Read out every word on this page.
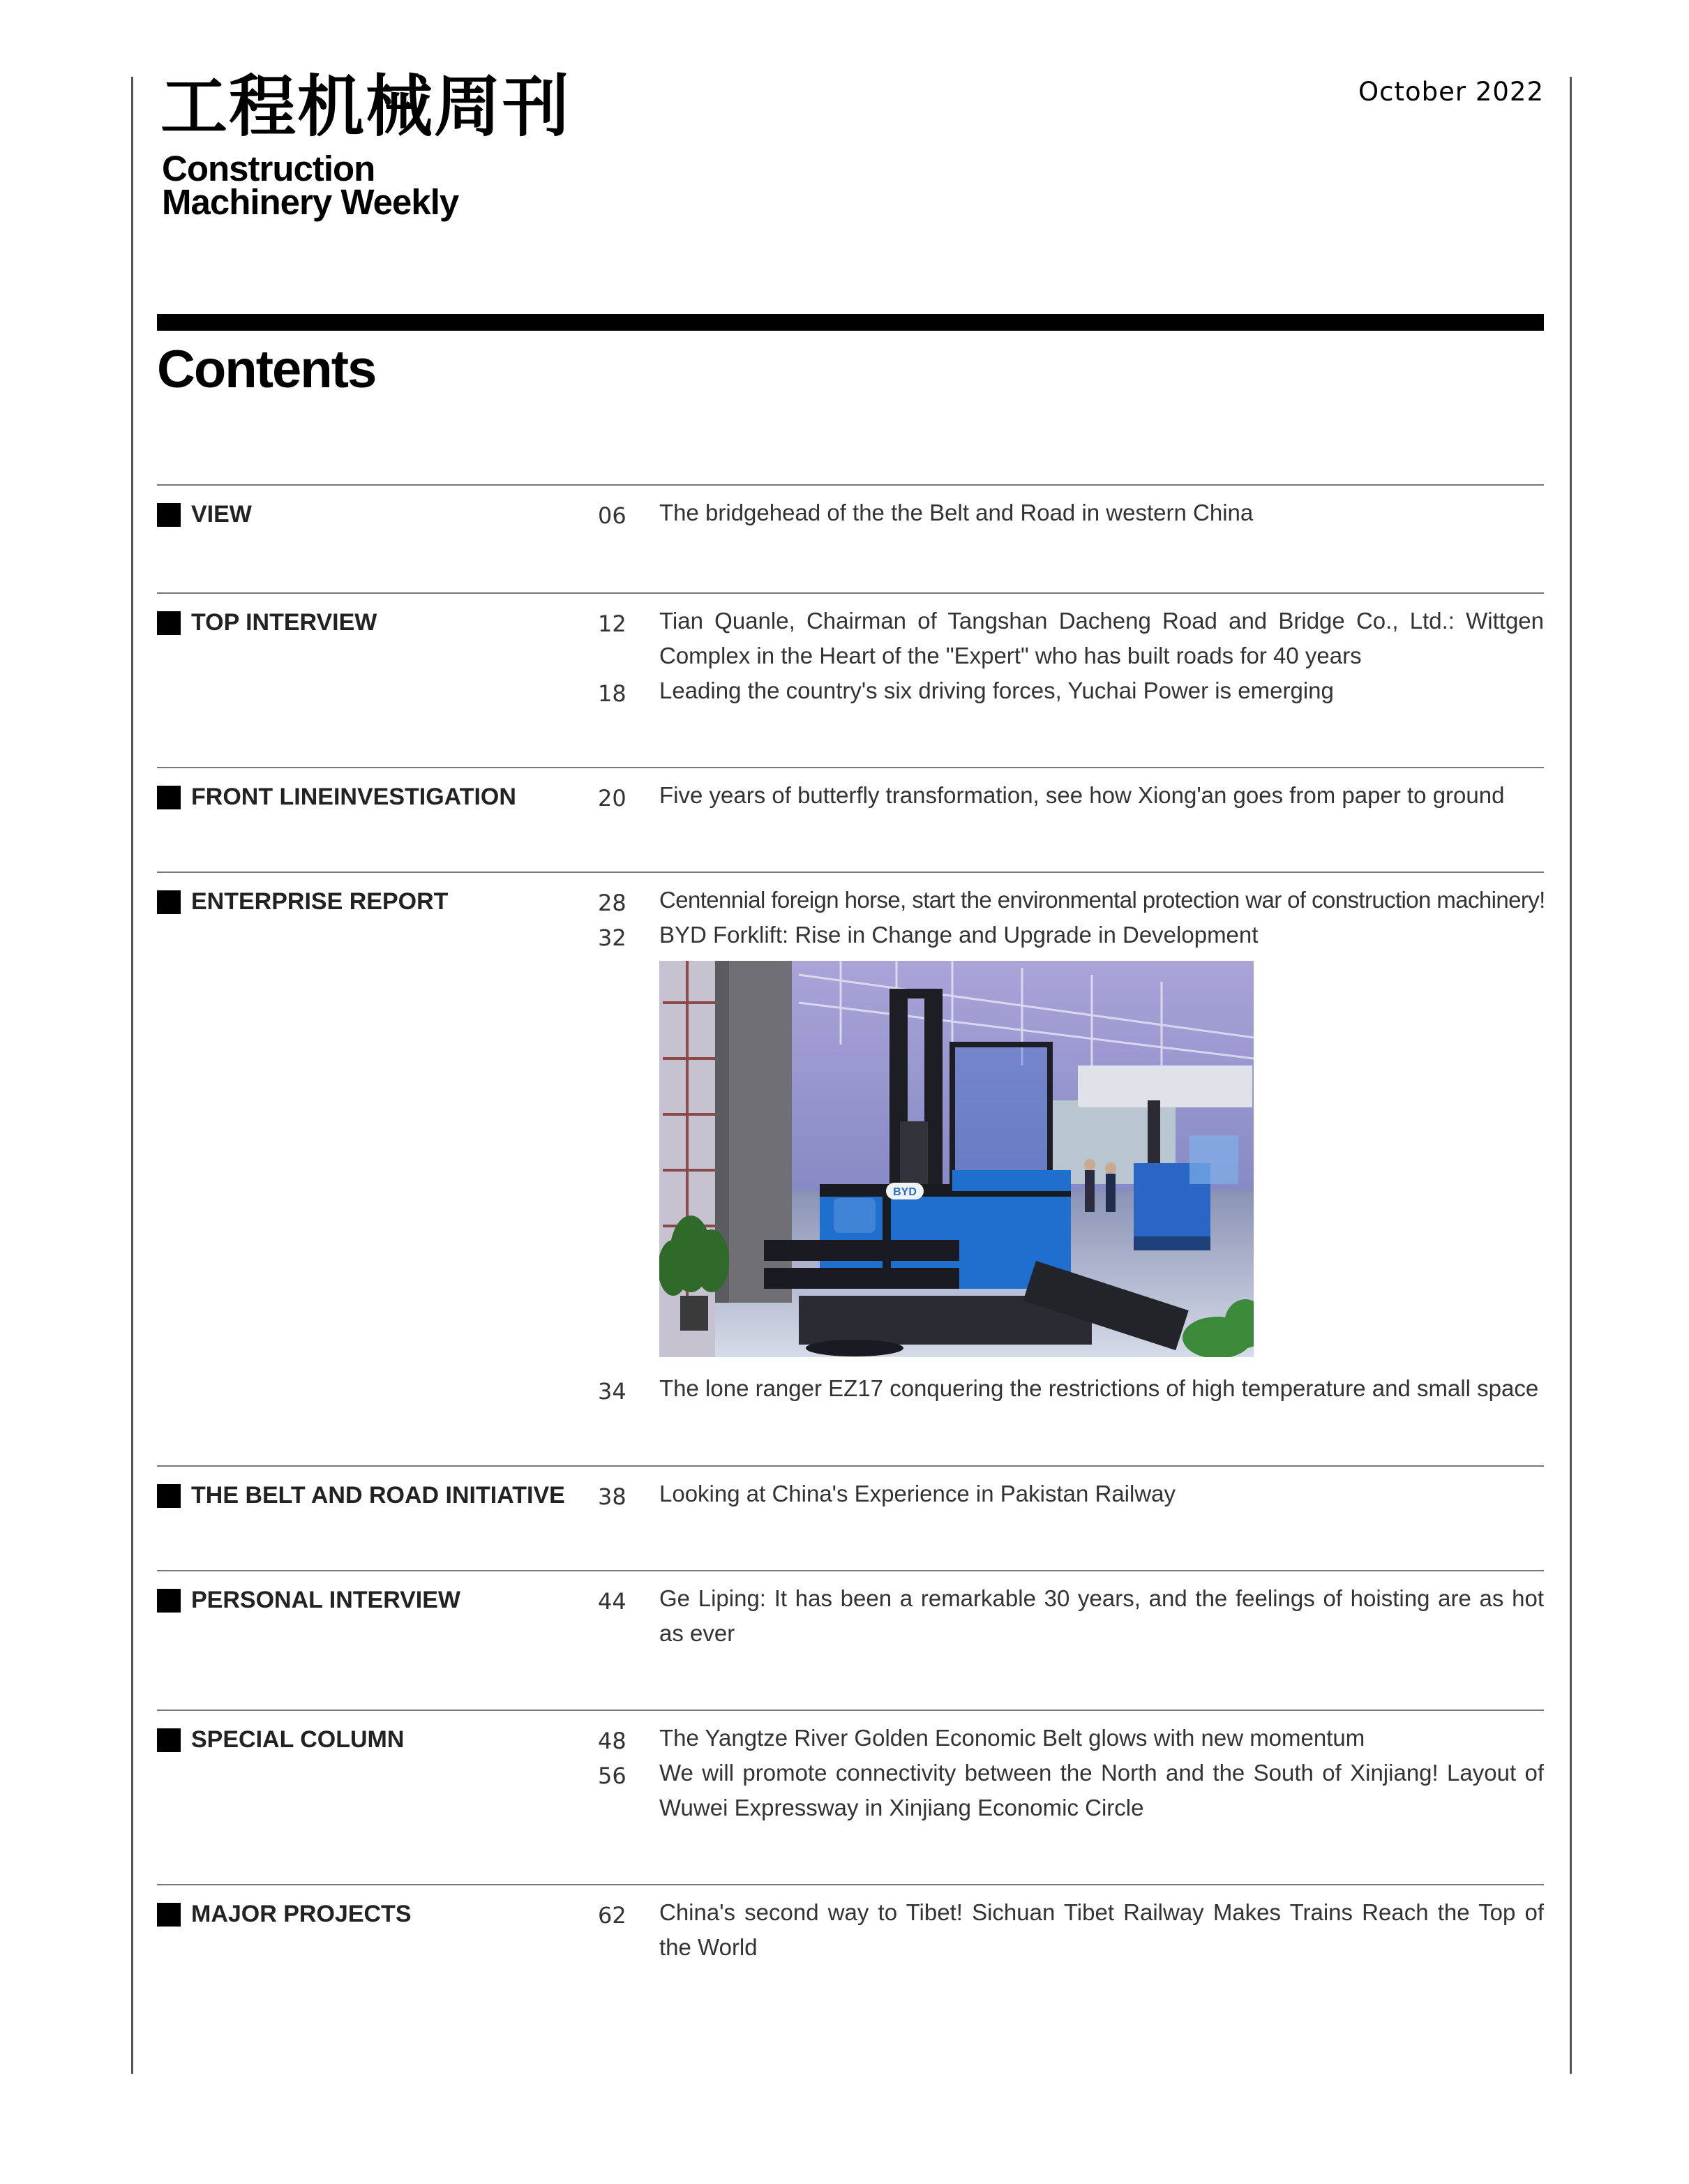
工程机械周刊
Construction
Machinery Weekly
October 2022
Contents
VIEW	06	The bridgehead of the the Belt and Road in western China
TOP INTERVIEW	12	Tian Quanle, Chairman of Tangshan Dacheng Road and Bridge Co., Ltd.: Wittgen Complex in the Heart of the "Expert" who has built roads for 40 years
18	Leading the country's six driving forces, Yuchai Power is emerging
FRONT LINEINVESTIGATION	20	Five years of butterfly transformation, see how Xiong'an goes from paper to ground
ENTERPRISE REPORT	28	Centennial foreign horse, start the environmental protection war of construction machinery!
32	BYD Forklift: Rise in Change and Upgrade in Development
34	The lone ranger EZ17 conquering the restrictions of high temperature and small space
BYD
THE BELT AND ROAD INITIATIVE 38	Looking at China's Experience in Pakistan Railway
PERSONAL INTERVIEW	44	Ge Liping: It has been a remarkable 30 years, and the feelings of hoisting are as hot as ever
SPECIAL COLUMN	48	The Yangtze River Golden Economic Belt glows with new momentum
56	We will promote connectivity between the North and the South of Xinjiang! Layout of Wuwei Expressway in Xinjiang Economic Circle
MAJOR PROJECTS	62	China's second way to Tibet! Sichuan Tibet Railway Makes Trains Reach the Top of the World
